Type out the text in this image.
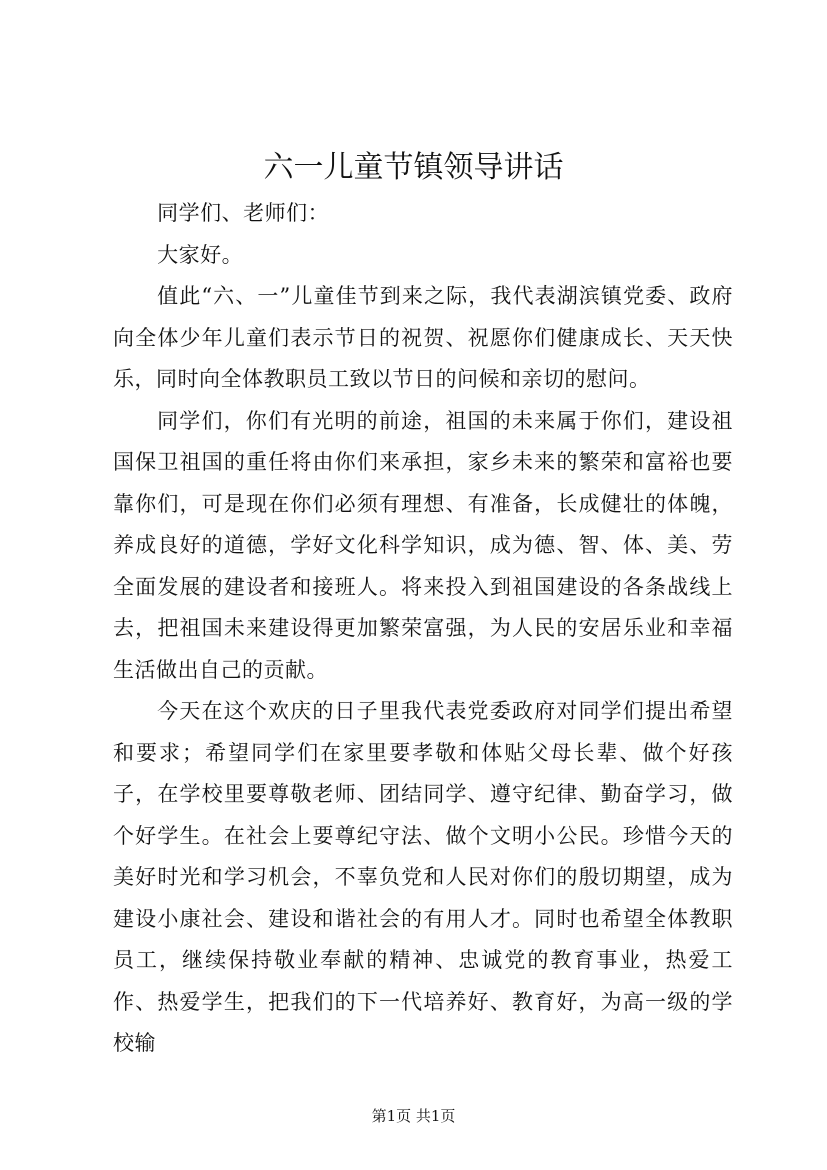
六一儿童节镇领导讲话

同学们、老师们：

大家好。

值此“六、一”儿童佳节到来之际，我代表湖滨镇党委、政府向全体少年儿童们表示节日的祝贺、祝愿你们健康成长、天天快乐，同时向全体教职员工致以节日的问候和亲切的慰问。

同学们，你们有光明的前途，祖国的未来属于你们，建设祖国保卫祖国的重任将由你们来承担，家乡未来的繁荣和富裕也要靠你们，可是现在你们必须有理想、有准备，长成健壮的体魄，养成良好的道德，学好文化科学知识，成为德、智、体、美、劳全面发展的建设者和接班人。将来投入到祖国建设的各条战线上去，把祖国未来建设得更加繁荣富强，为人民的安居乐业和幸福生活做出自己的贡献。

今天在这个欢庆的日子里我代表党委政府对同学们提出希望和要求；希望同学们在家里要孝敬和体贴父母长辈、做个好孩子，在学校里要尊敬老师、团结同学、遵守纪律、勤奋学习，做个好学生。在社会上要尊纪守法、做个文明小公民。珍惜今天的美好时光和学习机会，不辜负党和人民对你们的殷切期望，成为建设小康社会、建设和谐社会的有用人才。同时也希望全体教职员工，继续保持敬业奉献的精神、忠诚党的教育事业，热爱工作、热爱学生，把我们的下一代培养好、教育好，为高一级的学校输

第1页 共1页
